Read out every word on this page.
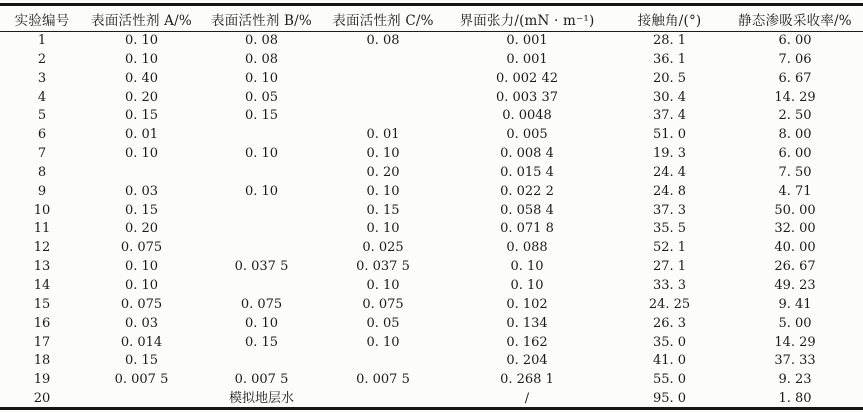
实验编号	表面活性剂 A/%	表面活性剂 B/%	表面活性剂 C/%	界面张力/(mN · m⁻¹)	接触角/(°)	静态渗吸采收率/%
1	0. 10	0. 08	0. 08	0. 001	28. 1	6. 00
2	0. 10	0. 08		0. 001	36. 1	7. 06
3	0. 40	0. 10		0. 002 42	20. 5	6. 67
4	0. 20	0. 05		0. 003 37	30. 4	14. 29
5	0. 15	0. 15		0. 0048	37. 4	2. 50
6	0. 01		0. 01	0. 005	51. 0	8. 00
7	0. 10	0. 10	0. 10	0. 008 4	19. 3	6. 00
8			0. 20	0. 015 4	24. 4	7. 50
9	0. 03	0. 10	0. 10	0. 022 2	24. 8	4. 71
10	0. 15		0. 15	0. 058 4	37. 3	50. 00
11	0. 20		0. 10	0. 071 8	35. 5	32. 00
12	0. 075		0. 025	0. 088	52. 1	40. 00
13	0. 10	0. 037 5	0. 037 5	0. 10	27. 1	26. 67
14	0. 10		0. 10	0. 10	33. 3	49. 23
15	0. 075	0. 075	0. 075	0. 102	24. 25	9. 41
16	0. 03	0. 10	0. 05	0. 134	26. 3	5. 00
17	0. 014	0. 15	0. 10	0. 162	35. 0	14. 29
18	0. 15			0. 204	41. 0	37. 33
19	0. 007 5	0. 007 5	0. 007 5	0. 268 1	55. 0	9. 23
20		模拟地层水		/	95. 0	1. 80
